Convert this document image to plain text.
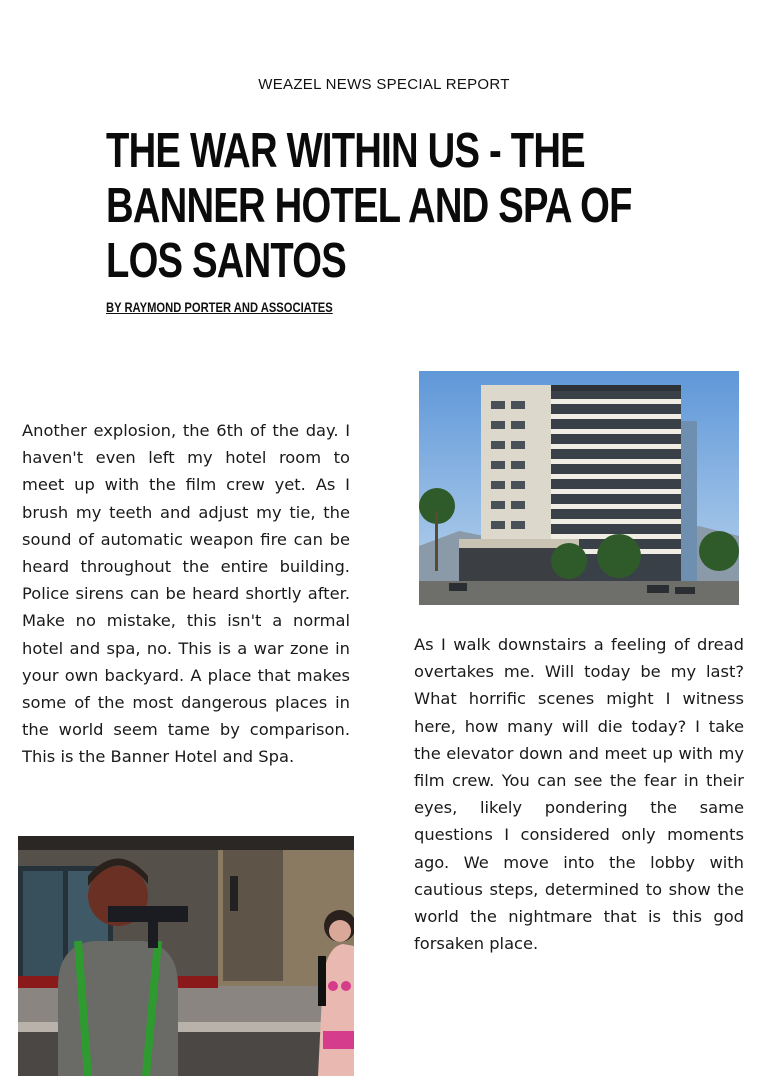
WEAZEL NEWS SPECIAL REPORT
THE WAR WITHIN US - THE BANNER HOTEL AND SPA OF LOS SANTOS
BY RAYMOND PORTER AND ASSOCIATES

Another explosion, the 6th of the day. I haven't even left my hotel room to meet up with the film crew yet. As I brush my teeth and adjust my tie, the sound of automatic weapon fire can be heard throughout the entire building. Police sirens can be heard shortly after. Make no mistake, this isn't a normal hotel and spa, no. This is a war zone in your own backyard. A place that makes some of the most dangerous places in the world seem tame by comparison. This is the Banner Hotel and Spa.

As I walk downstairs a feeling of dread overtakes me. Will today be my last? What horrific scenes might I witness here, how many will die today? I take the elevator down and meet up with my film crew. You can see the fear in their eyes, likely pondering the same questions I considered only moments ago. We move into the lobby with cautious steps, determined to show the world the nightmare that is this god forsaken place.
